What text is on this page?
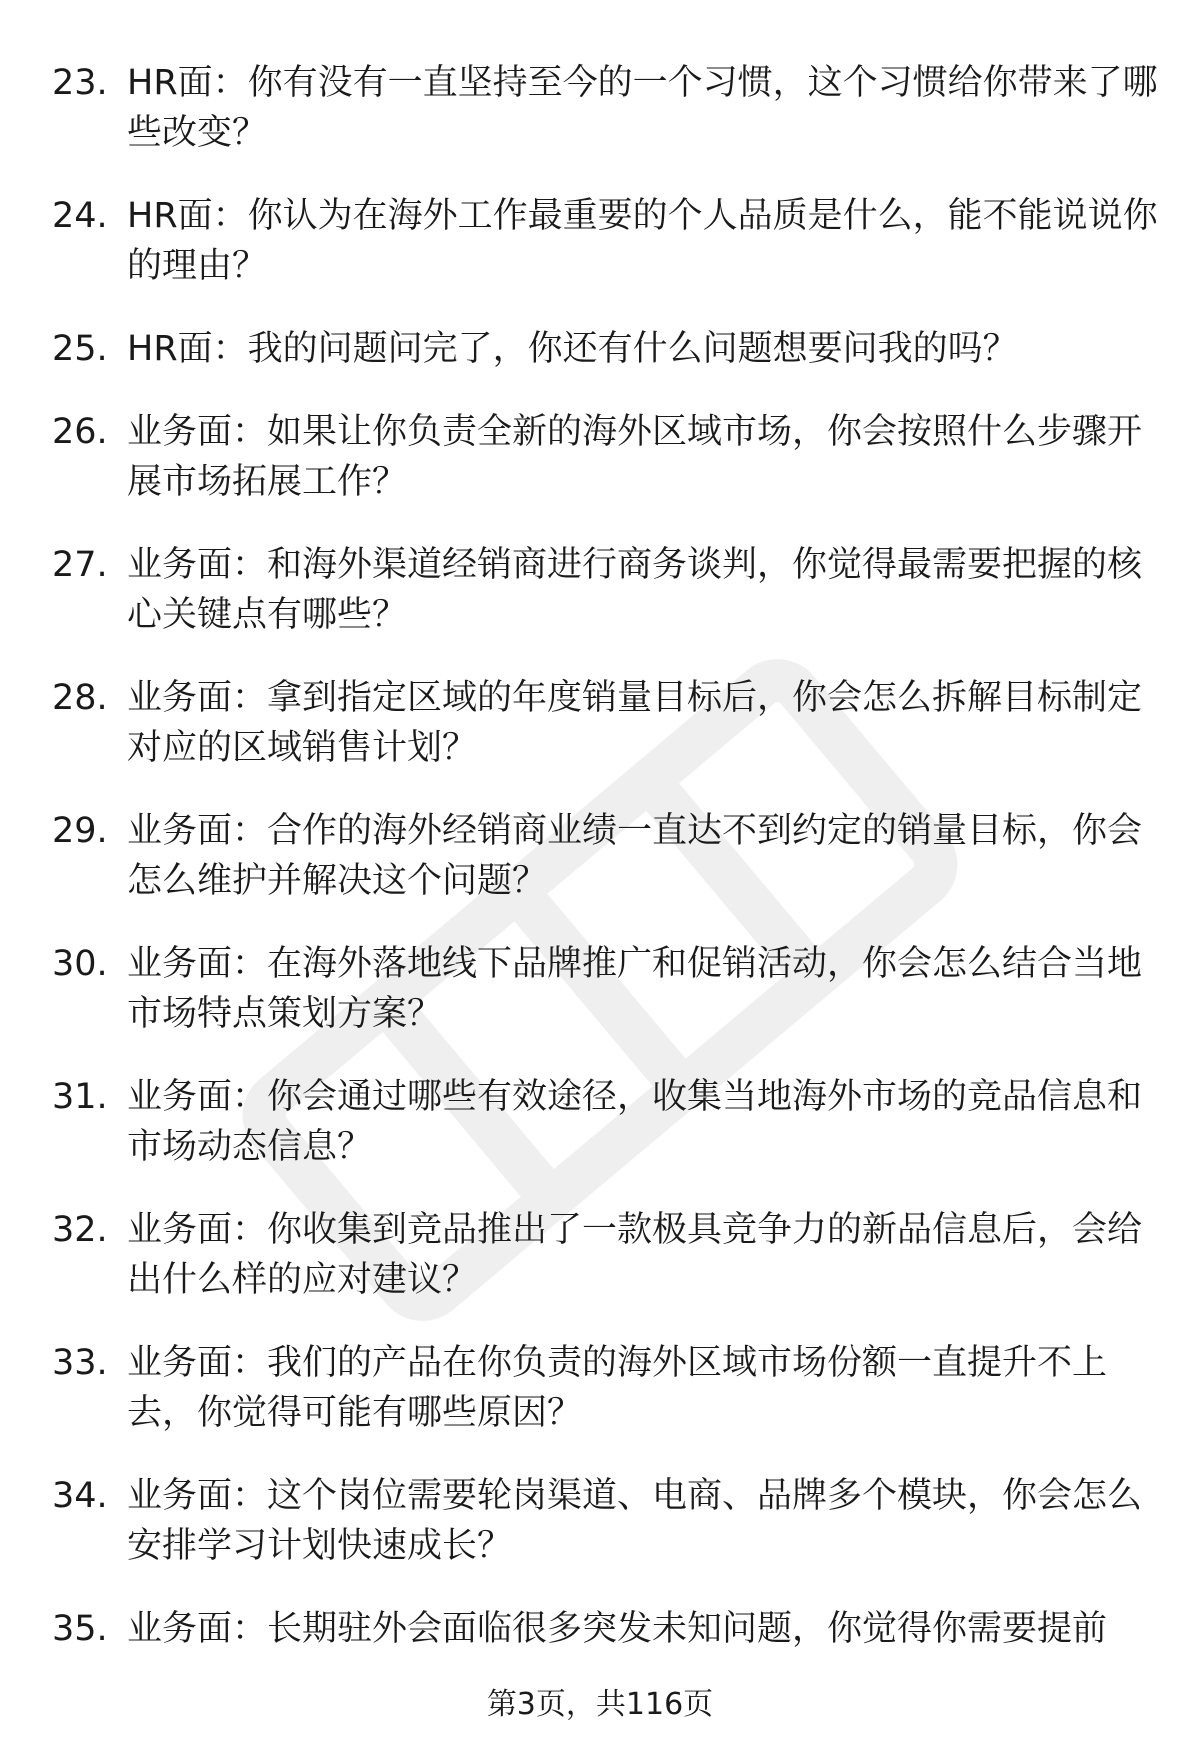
23. HR面：你有没有一直坚持至今的一个习惯，这个习惯给你带来了哪些改变？
24. HR面：你认为在海外工作最重要的个人品质是什么，能不能说说你的理由？
25. HR面：我的问题问完了，你还有什么问题想要问我的吗？
26. 业务面：如果让你负责全新的海外区域市场，你会按照什么步骤开展市场拓展工作？
27. 业务面：和海外渠道经销商进行商务谈判，你觉得最需要把握的核心关键点有哪些？
28. 业务面：拿到指定区域的年度销量目标后，你会怎么拆解目标制定对应的区域销售计划？
29. 业务面：合作的海外经销商业绩一直达不到约定的销量目标，你会怎么维护并解决这个问题？
30. 业务面：在海外落地线下品牌推广和促销活动，你会怎么结合当地市场特点策划方案？
31. 业务面：你会通过哪些有效途径，收集当地海外市场的竞品信息和市场动态信息？
32. 业务面：你收集到竞品推出了一款极具竞争力的新品信息后，会给出什么样的应对建议？
33. 业务面：我们的产品在你负责的海外区域市场份额一直提升不上去，你觉得可能有哪些原因？
34. 业务面：这个岗位需要轮岗渠道、电商、品牌多个模块，你会怎么安排学习计划快速成长？
35. 业务面：长期驻外会面临很多突发未知问题，你觉得你需要提前
第3页，共116页
